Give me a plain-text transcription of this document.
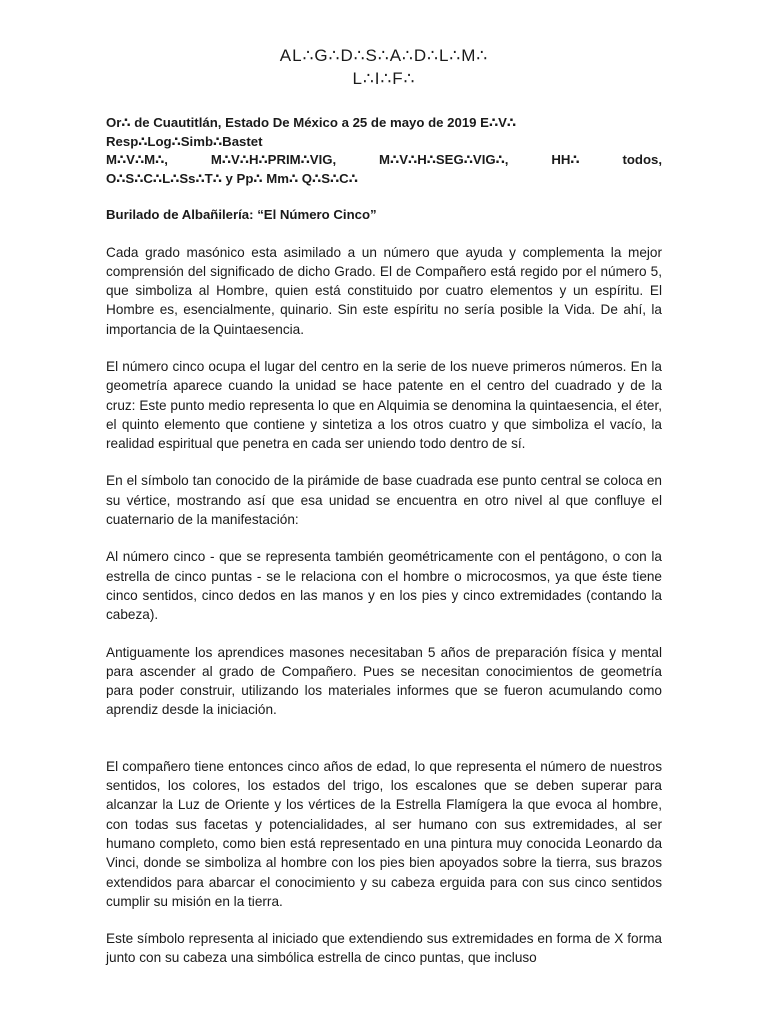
AL∴G∴D∴S∴A∴D∴L∴M∴
L∴I∴F∴
Or∴ de Cuautitlán, Estado De México a 25 de mayo de 2019 E∴V∴
Resp∴Log∴Simb∴Bastet
M∴V∴M∴, M∴V∴H∴PRIM∴VIG, M∴V∴H∴SEG∴VIG∴, HH∴ todos,
O∴S∴C∴L∴Ss∴T∴ y Pp∴ Mm∴ Q∴S∴C∴
Burilado de Albañilería: “El Número Cinco”

Cada grado masónico esta asimilado a un número que ayuda y complementa la mejor comprensión del significado de dicho Grado. El de Compañero está regido por el número 5, que simboliza al Hombre, quien está constituido por cuatro elementos y un espíritu. El Hombre es, esencialmente, quinario. Sin este espíritu no sería posible la Vida. De ahí, la importancia de la Quintaesencia.

El número cinco ocupa el lugar del centro en la serie de los nueve primeros números. En la geometría aparece cuando la unidad se hace patente en el centro del cuadrado y de la cruz: Este punto medio representa lo que en Alquimia se denomina la quintaesencia, el éter, el quinto elemento que contiene y sintetiza a los otros cuatro y que simboliza el vacío, la realidad espiritual que penetra en cada ser uniendo todo dentro de sí.

En el símbolo tan conocido de la pirámide de base cuadrada ese punto central se coloca en su vértice, mostrando así que esa unidad se encuentra en otro nivel al que confluye el cuaternario de la manifestación:

Al número cinco - que se representa también geométricamente con el pentágono, o con la estrella de cinco puntas - se le relaciona con el hombre o microcosmos, ya que éste tiene cinco sentidos, cinco dedos en las manos y en los pies y cinco extremidades (contando la cabeza).

Antiguamente los aprendices masones necesitaban 5 años de preparación física y mental para ascender al grado de Compañero. Pues se necesitan conocimientos de geometría para poder construir, utilizando los materiales informes que se fueron acumulando como aprendiz desde la iniciación.

El compañero tiene entonces cinco años de edad, lo que representa el número de nuestros sentidos, los colores, los estados del trigo, los escalones que se deben superar para alcanzar la Luz de Oriente y los vértices de la Estrella Flamígera la que evoca al hombre, con todas sus facetas y potencialidades, al ser humano con sus extremidades, al ser humano completo, como bien está representado en una pintura muy conocida Leonardo da Vinci, donde se simboliza al hombre con los pies bien apoyados sobre la tierra, sus brazos extendidos para abarcar el conocimiento y su cabeza erguida para con sus cinco sentidos cumplir su misión en la tierra.

Este símbolo representa al iniciado que extendiendo sus extremidades en forma de X forma junto con su cabeza una simbólica estrella de cinco puntas, que incluso
